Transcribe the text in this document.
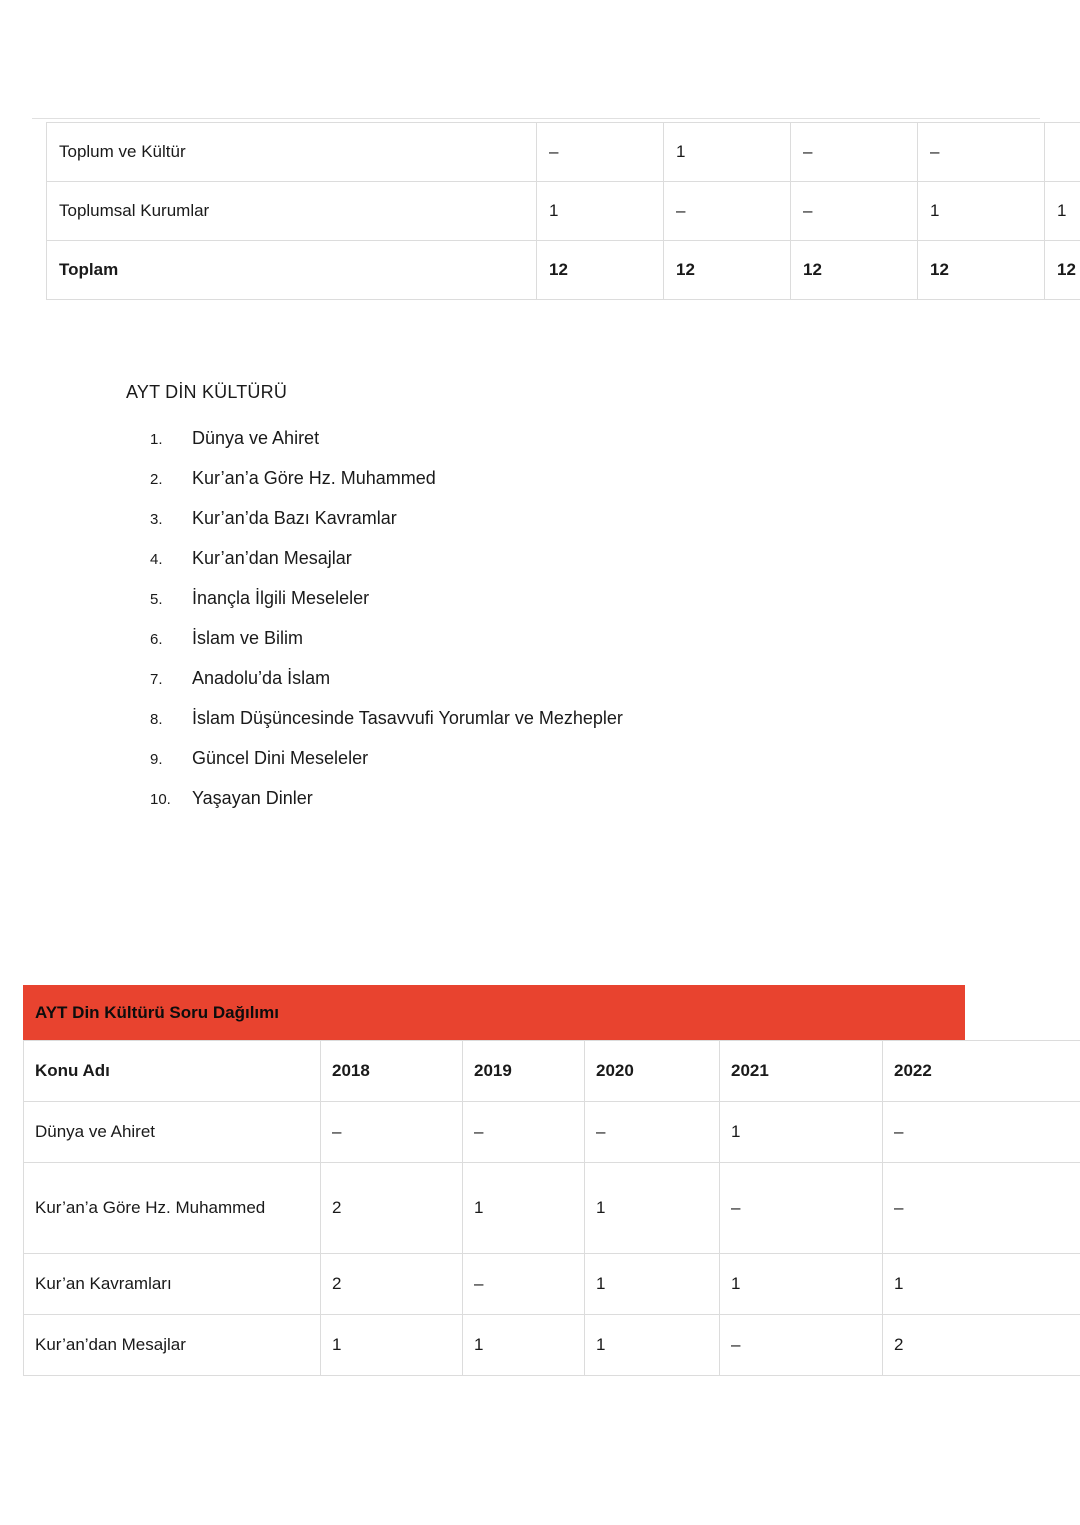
Toplum ve Kültür	–	1	–	–	
Toplumsal Kurumlar	1	–	–	1	1
Toplam	12	12	12	12	12
AYT DİN KÜLTÜRÜ
1.	Dünya ve Ahiret
2.	Kur’an’a Göre Hz. Muhammed
3.	Kur’an’da Bazı Kavramlar
4.	Kur’an’dan Mesajlar
5.	İnançla İlgili Meseleler
6.	İslam ve Bilim
7.	Anadolu’da İslam
8.	İslam Düşüncesinde Tasavvufi Yorumlar ve Mezhepler
9.	Güncel Dini Meseleler
10.	Yaşayan Dinler
AYT Din Kültürü Soru Dağılımı
Konu Adı	2018	2019	2020	2021	2022
Dünya ve Ahiret	–	–	–	1	–
Kur’an’a Göre Hz. Muhammed	2	1	1	–	–
Kur’an Kavramları	2	–	1	1	1
Kur’an’dan Mesajlar	1	1	1	–	2
